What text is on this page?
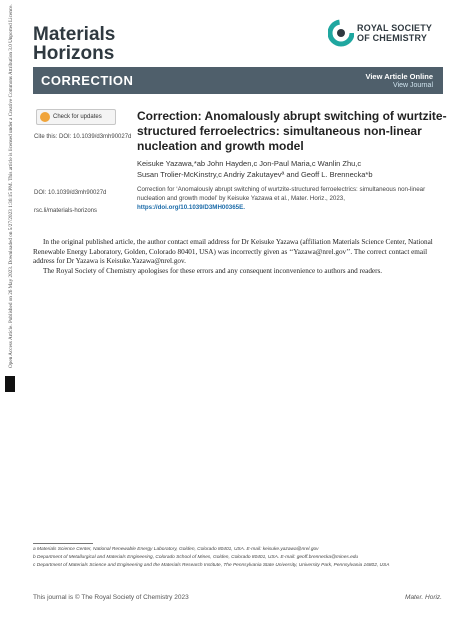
Materials
Horizons
ROYAL SOCIETY
OF CHEMISTRY
CORRECTION	View Article Online
View Journal
Check for updates
Cite this: DOI: 10.1039/d3mh90027d
DOI: 10.1039/d3mh90027d
rsc.li/materials-horizons
Correction: Anomalously abrupt switching of wurtzite-structured ferroelectrics: simultaneous non-linear nucleation and growth model
Keisuke Yazawa,*ab John Hayden,c Jon-Paul Maria,c Wanlin Zhu,c
Susan Trolier-McKinstry,c Andriy Zakutayevª and Geoff L. Brennecka*b
Correction for ‘Anomalously abrupt switching of wurtzite-structured ferroelectrics: simultaneous non-linear nucleation and growth model’ by Keisuke Yazawa et al., Mater. Horiz., 2023, https://doi.org/10.1039/D3MH00365E.
In the original published article, the author contact email address for Dr Keisuke Yazawa (affiliation Materials Science Center, National Renewable Energy Laboratory, Golden, Colorado 80401, USA) was incorrectly given as ‘‘Yazawa@nrel.gov’’. The correct contact email address for Dr Yazawa is Keisuke.Yazawa@nrel.gov.
The Royal Society of Chemistry apologises for these errors and any consequent inconvenience to authors and readers.
a Materials Science Center, National Renewable Energy Laboratory, Golden, Colorado 80401, USA. E-mail: keisuke.yazawa@nrel.gov
b Department of Metallurgical and Materials Engineering, Colorado School of Mines, Golden, Colorado 80401, USA. E-mail: geoff.brennecka@mines.edu
c Department of Materials Science and Engineering and the Materials Research Institute, The Pennsylvania State University, University Park, Pennsylvania 16802, USA
This journal is © The Royal Society of Chemistry 2023	Mater. Horiz.
Open Access Article. Published on 26 May 2023. Downloaded on 5/27/2023 1:36:15 PM. This article is licensed under a Creative Commons Attribution 3.0 Unported Licence.
